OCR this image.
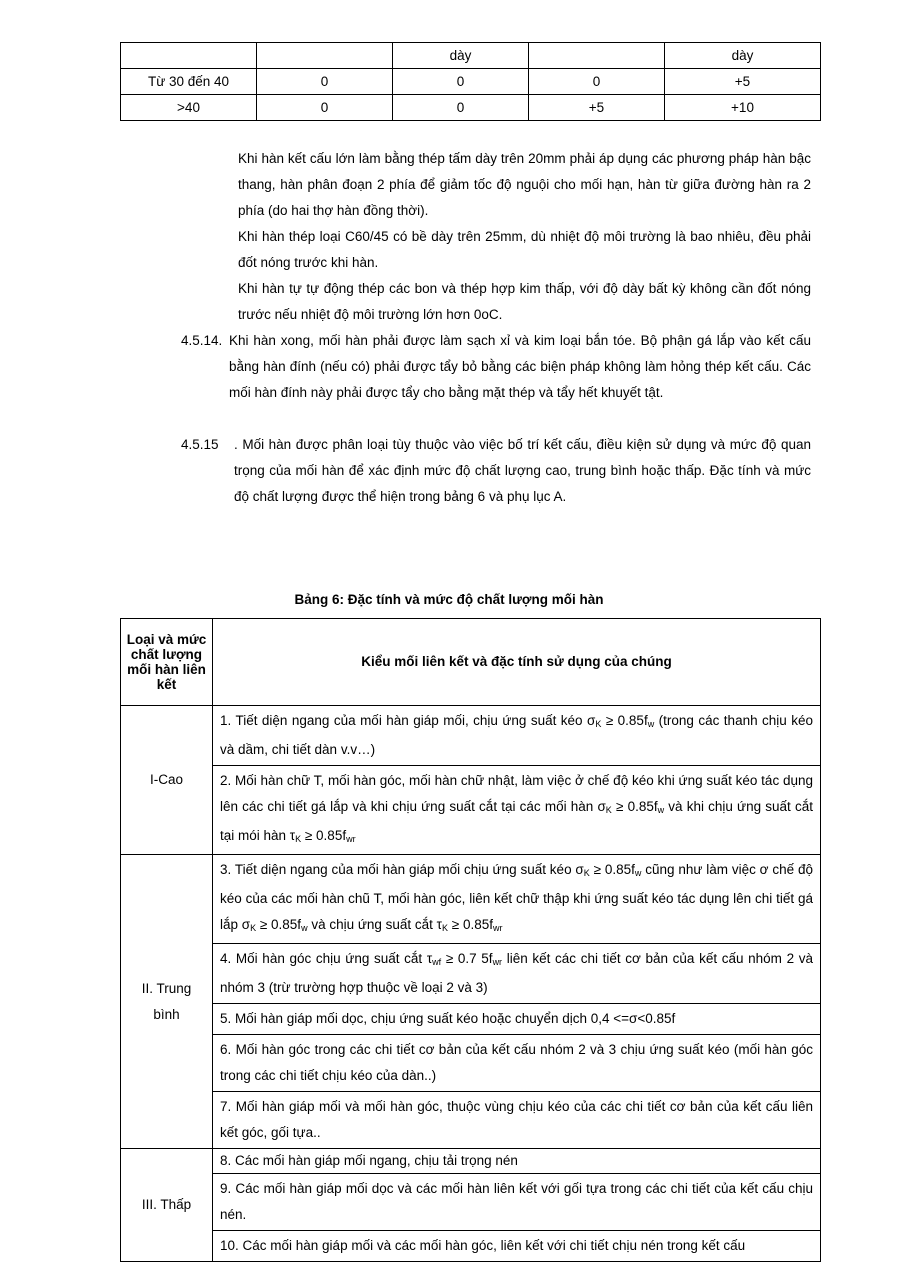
		dày		dày
Từ 30 đến 40	0	0	0	+5
>40	0	0	+5	+10

Khi hàn kết cấu lớn làm bằng thép tấm dày trên 20mm phải áp dụng các phương pháp hàn bậc thang, hàn phân đoạn 2 phía để giảm tốc độ nguội cho mối hạn, hàn từ giữa đường hàn ra 2 phía (do hai thợ hàn đồng thời).

Khi hàn thép loại C60/45 có bề dày trên 25mm, dù nhiệt độ môi trường là bao nhiêu, đều phải đốt nóng trước khi hàn.

Khi hàn tự tự động thép các bon và thép hợp kim thấp, với độ dày bất kỳ không cần đốt nóng trước nếu nhiệt độ môi trường lớn hơn 0oC.

4.5.14. Khi hàn xong, mối hàn phải được làm sạch xỉ và kim loại bắn tóe. Bộ phận gá lắp vào kết cấu bằng hàn đính (nếu có) phải được tẩy bỏ bằng các biện pháp không làm hỏng thép kết cấu. Các mối hàn đính này phải được tẩy cho bằng mặt thép và tẩy hết khuyết tật.

4.5.15 . Mối hàn được phân loại tùy thuộc vào việc bố trí kết cấu, điều kiện sử dụng và mức độ quan trọng của mối hàn để xác định mức độ chất lượng cao, trung bình hoặc thấp. Đặc tính và mức độ chất lượng được thể hiện trong bảng 6 và phụ lục A.

Bảng 6: Đặc tính và mức độ chất lượng mối hàn
Loại và mức chất lượng mối hàn liên kết	Kiểu mối liên kết và đặc tính sử dụng của chúng
I-Cao	1. Tiết diện ngang của mối hàn giáp mối, chịu ứng suất kéo $\sigma_K \ge 0.85f_w$ (trong các thanh chịu kéo và dầm, chi tiết dàn v.v…)
	2. Mối hàn chữ T, mối hàn góc, mối hàn chữ nhật, làm việc ở chế độ kéo khi ứng suất kéo tác dụng lên các chi tiết gá lắp và khi chịu ứng suất cắt tại các mối hàn $\sigma_K \ge 0.85f_w$ và khi chịu ứng suất cắt tại mói hàn $\tau_K \ge 0.85f_{wr}$
II. Trung bình	3. Tiết diện ngang của mối hàn giáp mối chịu ứng suất kéo $\sigma_K \ge 0.85f_w$ cũng như làm việc ơ chế độ kéo của các mối hàn chũ T, mối hàn góc, liên kết chữ thập khi ứng suất kéo tác dụng lên chi tiết gá lắp $\sigma_K \ge 0.85f_w$ và chịu ứng suất cắt $\tau_K \ge 0.85f_{wr}$
	4. Mối hàn góc chịu ứng suất cắt $\tau_{wf} \ge 0.7$ $5f_{wr}$ liên kết các chi tiết cơ bản của kết cấu nhóm 2 và nhóm 3 (trừ trường hợp thuộc về loại 2 và 3)
	5. Mối hàn giáp mối dọc, chịu ứng suất kéo hoặc chuyển dịch 0,4 <=σ<0.85f
	6. Mối hàn góc trong các chi tiết cơ bản của kết cấu nhóm 2 và 3 chịu ứng suất kéo (mối hàn góc trong các chi tiết chịu kéo của dàn..)
	7. Mối hàn giáp mối và mối hàn góc, thuộc vùng chịu kéo của các chi tiết cơ bản của kết cấu liên kết góc, gối tựa..
III. Thấp	8. Các mối hàn giáp mối ngang, chịu tải trọng nén
	9. Các mối hàn giáp mối dọc và các mối hàn liên kết với gối tựa trong các chi tiết của kết cấu chịu nén.
	10. Các mối hàn giáp mối và các mối hàn góc, liên kết với chi tiết chịu nén trong kết cấu
